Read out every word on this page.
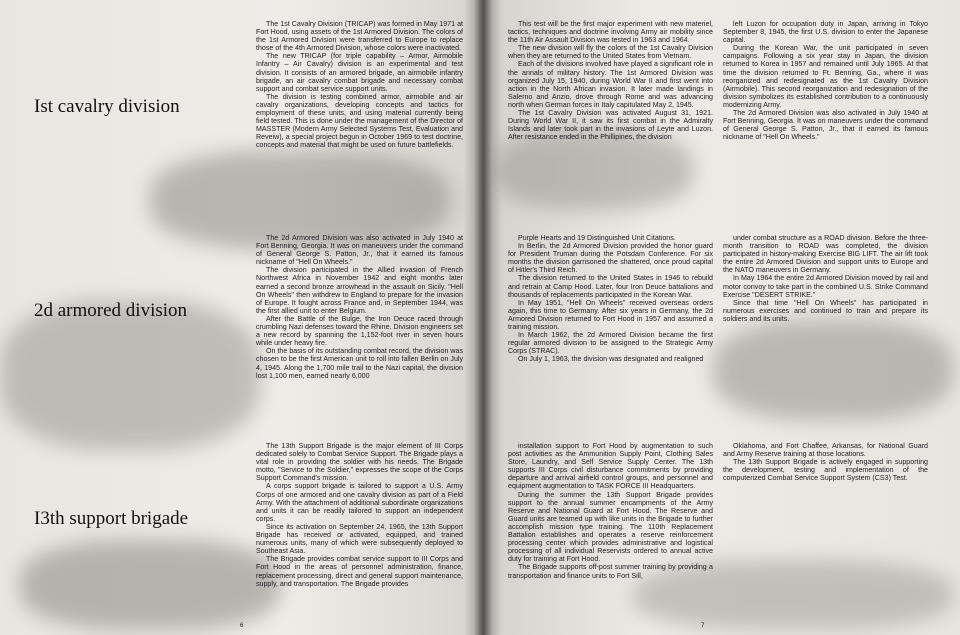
Ist cavalry division

The 1st Cavalry Division (TRICAP) was formed in May 1971 at Fort Hood, using assets of the 1st Armored Division. The colors of the 1st Armored Division were transferred to Europe to replace those of the 4th Armored Division, whose colors were inactivated.

The new TRICAP (for triple capability – Armor, Airmobile Infantry – Air Cavalry) division is an experimental and test division. It consists of an armored brigade, an airmobile infantry brigade, an air cavalry combat brigade and necessary combat support and combat service support units.

The division is testing combined armor, airmobile and air cavalry organizations, developing concepts and tactics for employment of these units, and using material currently being field tested. This is done under the management of the Director of MASSTER (Modern Army Selected Systems Test, Evaluation and Reveiw), a special project begun in October 1969 to test doctrine, concepts and material that might be used on future battlefields.

2d armored division

The 2d Armored Division was also activated in July 1940 at Fort Benning, Georgia. It was on maneuvers under the command of General George S. Patton, Jr., that it earned its famous nickname of "Hell On Wheels."

The division participated in the Allied invasion of French Northwest Africa in November 1942 and eight months later earned a second bronze arrowhead in the assault on Sicily. "Hell On Wheels" then withdrew to England to prepare for the invasion of Europe. It fought across France and, in September 1944, was the first allied unit to enter Belgium.

After the Battle of the Bulge, the Iron Deuce raced through crumbling Nazi defenses toward the Rhine. Division engineers set a new record by spanning the 1,152-foot river in seven hours while under heavy fire.

On the basis of its outstanding combat record, the division was chosen to be the first American unit to roll into fallen Berlin on July 4, 1945. Along the 1,700 mile trail to the Nazi capital, the division lost 1,100 men, earned nearly 6,000

I3th support brigade

The 13th Support Brigade is the major element of III Corps dedicated solely to Combat Service Support. The Brigade plays a vital role in providing the soldier with his needs. The Brigade motto, "Service to the Soldier," expresses the scope of the Corps Support Command's mission.

A corps support brigade is tailored to support a U.S. Army Corps of one armored and one cavalry division as part of a Field Army. With the attachment of additional subordinate organizations and units it can be readily tailored to support an independent corps.

Since its activation on September 24, 1965, the 13th Support Brigade has received or activated, equipped, and trained numerous units, many of which were subsequently deployed to Southeast Asia.

The Brigade provides combat service support to III Corps and Fort Hood in the areas of personnel administration, finance, replacement processing, direct and general support maintenance, supply, and transportation. The Brigade provides

6

This test will be the first major experiment with new materiel, tactics, techniques and doctrine involving Army air mobility since the 11th Air Assault Division was tested in 1963 and 1964.

The new division will fly the colors of the 1st Cavalry Division when they are returned to the United States from Vietnam.

Each of the divisions involved have played a significant role in the annals of military history. The 1st Armored Division was organized July 15, 1940, during World War II and first went into action in the North African invasion. It later made landings in Salerno and Anzio, drove through Rome and was advancing north when German forces in Italy capitulated May 2, 1945.

The 1st Cavalry Division was activated August 31, 1921. During World War II, it saw its first combat in the Admiralty Islands and later took part in the invasions of Leyte and Luzon. After resistance ended in the Phillipines, the division

left Luzon for occupation duty in Japan, arriving in Tokyo September 8, 1945, the first U.S. division to enter the Japanese capital.

During the Korean War, the unit participated in seven campaigns. Following a six year stay in Japan, the division returned to Korea in 1957 and remained until July 1965. At that time the division returned to Ft. Benning, Ga., where it was reorganized and redesignated as the 1st Cavalry Division (Airmobile). This second reorganization and redesignation of the division symbolizes its established contribution to a continuously modernizing Army.

The 2d Armored Division was also activated in July 1940 at Fort Benning, Georgia. It was on maneuvers under the command of General George S. Patton, Jr., that it earned its famous nickname of "Hell On Wheels."

Purple Hearts and 19 Distinguished Unit Citations.

In Berlin, the 2d Armored Division provided the honor guard for President Truman during the Potsdam Conference. For six months the division garrisoned the shattered, once proud capital of Hitler's Third Reich.

The division returned to the United States in 1946 to rebuild and retrain at Camp Hood. Later, four Iron Deuce battalions and thousands of replacements participated in the Korean War.

In May 1951, "Hell On Wheels" received overseas orders again, this time to Germany. After six years in Germany, the 2d Armored Division returned to Fort Hood in 1957 and assumed a training mission.

In March 1962, the 2d Armored Division became the first regular armored division to be assigned to the Strategic Army Corps (STRAC).

On July 1, 1963, the division was designated and realigned

under combat structure as a ROAD division. Before the three-month transition to ROAD was completed, the division participated in history-making Exercise BIG LIFT. The air lift took the entire 2d Armored Division and support units to Europe and the NATO maneuvers in Germany.

In May 1964 the entire 2d Armored Division moved by rail and motor convoy to take part in the combined U.S. Strike Command Exercise "DESERT STRIKE."

Since that time "Hell On Wheels" has participated in numerous exercises and continued to train and prepare its soldiers and its units.

installation support to Fort Hood by augmentation to such post activities as the Ammunition Supply Point, Clothing Sales Store, Laundry, and Self Service Supply Center. The 13th supports III Corps civil disturbance commitments by providing departure and arrival airfield control groups, and personnel and equipment augmentation to TASK FORCE III Headquarters.

During the summer the 13th Support Brigade provides support to the annual summer encampments of the Army Reserve and National Guard at Fort Hood. The Reserve and Guard units are teamed up with like units in the Brigade to further accomplish mission type training. The 110th Replacement Battalion establishes and operates a reserve reinforcement processing center which provides administrative and logistical processing of all individual Reservists ordered to annual active duty for training at Fort Hood.

The Brigade supports off-post summer training by providing a transportation and finance units to Fort Sill,

Oklahoma, and Fort Chaffee, Arkansas, for National Guard and Army Reserve training at those locations.

The 13th Support Brigade is actively engaged in supporting the development, testing and implementation of the computerized Combat Service Support System (CS3) Test.

7
